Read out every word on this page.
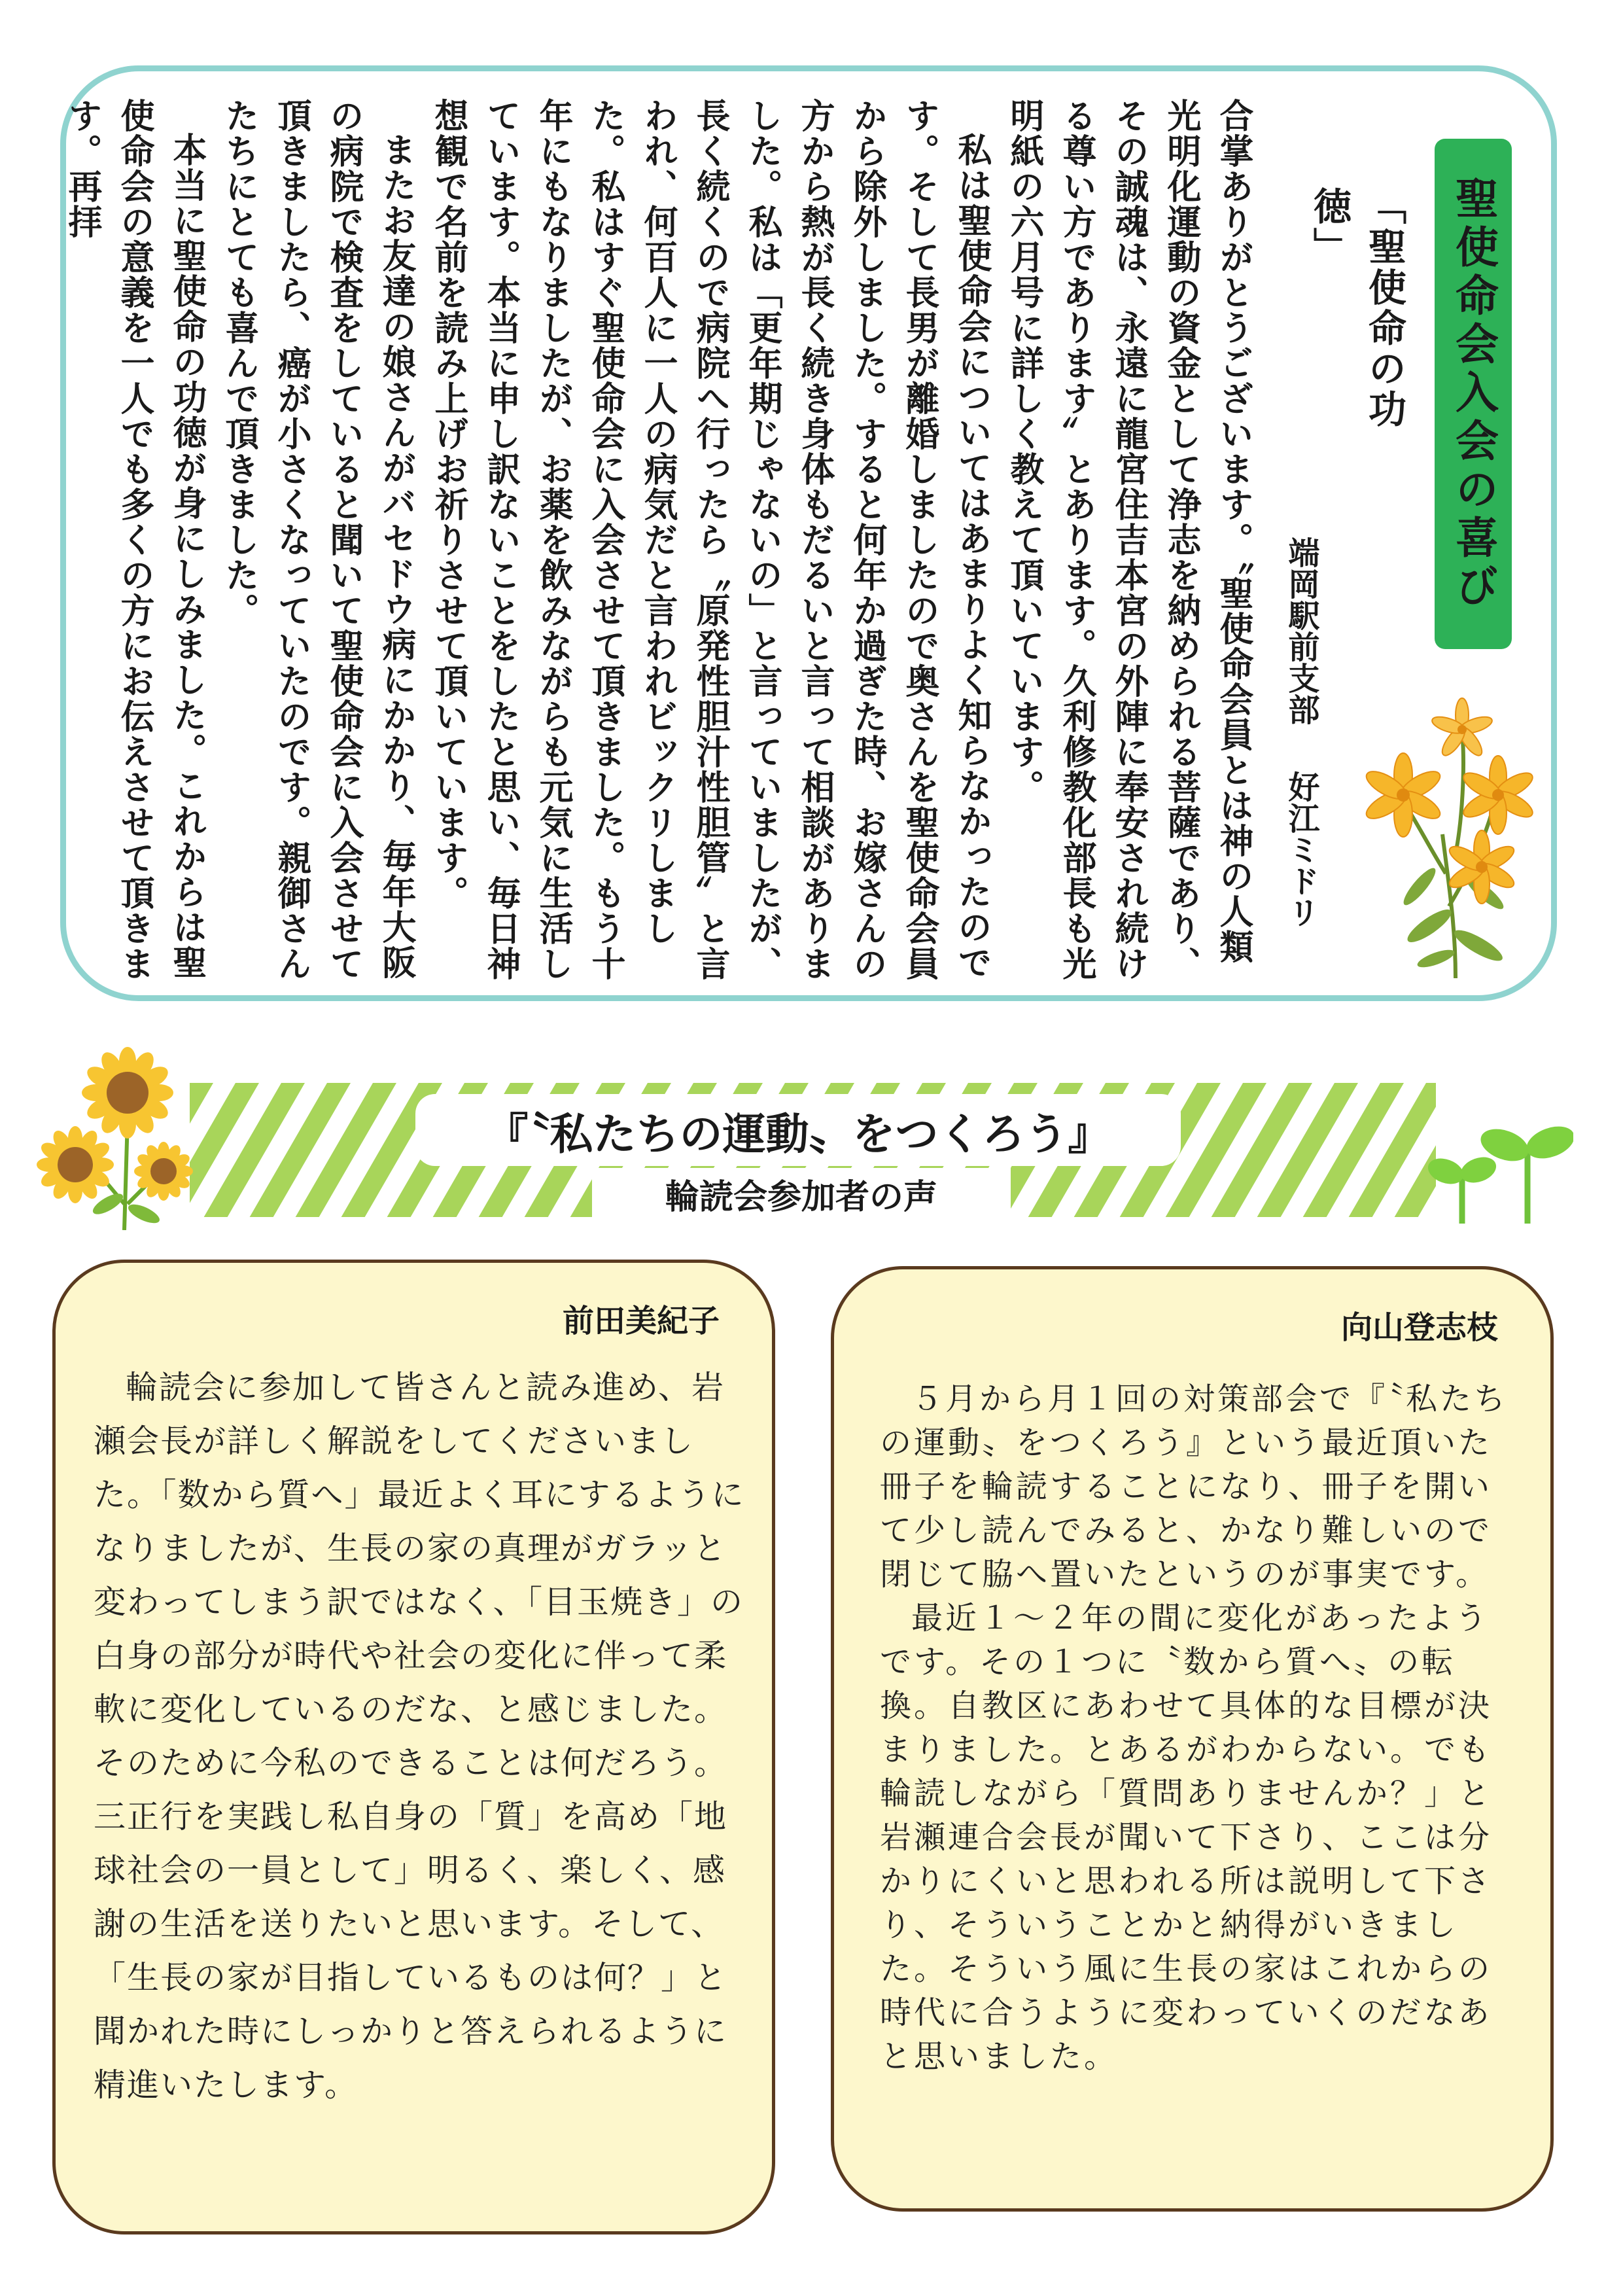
聖使命会入会の喜び
「聖使命の功徳」
端岡駅前支部好江ミドリ

合掌ありがとうございます。〝聖使命会員とは神の人類光明化運動の資金として浄志を納められる菩薩であり、その誠魂は、永遠に龍宮住吉本宮の外陣に奉安され続ける尊い方であります〟とあります。久利修教化部長も光明紙の六月号に詳しく教えて頂いています。

私は聖使命会についてはあまりよく知らなかったのです。そして長男が離婚しましたので奥さんを聖使命会員から除外しました。すると何年か過ぎた時、お嫁さんの方から熱が長く続き身体もだるいと言って相談がありました。私は「更年期じゃないの」と言っていましたが、長く続くので病院へ行ったら〝原発性胆汁性胆管〟と言われ、何百人に一人の病気だと言われビックリしました。私はすぐ聖使命会に入会させて頂きました。もう十年にもなりましたが、お薬を飲みながらも元気に生活しています。本当に申し訳ないことをしたと思い、毎日神想観で名前を読み上げお祈りさせて頂いています。

またお友達の娘さんがバセドウ病にかかり、毎年大阪の病院で検査をしていると聞いて聖使命会に入会させて頂きましたら、癌が小さくなっていたのです。親御さんたちにとても喜んで頂きました。

本当に聖使命の功徳が身にしみました。これからは聖使命会の意義を一人でも多くの方にお伝えさせて頂きます。再拝

『〝私たちの運動〟をつくろう』
輪読会参加者の声
前田美紀子

輪読会に参加して皆さんと読み進め、岩瀬会長が詳しく解説をしてくださいました。「数から質へ」最近よく耳にするようになりましたが、生長の家の真理がガラッと変わってしまう訳ではなく、「目玉焼き」の白身の部分が時代や社会の変化に伴って柔軟に変化しているのだな、と感じました。そのために今私のできることは何だろう。三正行を実践し私自身の「質」を高め「地球社会の一員として」明るく、楽しく、感謝の生活を送りたいと思います。そして、「生長の家が目指しているものは何？」と聞かれた時にしっかりと答えられるように精進いたします。

向山登志枝

５月から月１回の対策部会で『〝私たちの運動〟をつくろう』という最近頂いた冊子を輪読することになり、冊子を開いて少し読んでみると、かなり難しいので閉じて脇へ置いたというのが事実です。

最近１～２年の間に変化があったようです。その１つに〝数から質へ〟の転換。自教区にあわせて具体的な目標が決まりました。とあるがわからない。でも輪読しながら「質問ありませんか？」と岩瀬連合会長が聞いて下さり、ここは分かりにくいと思われる所は説明して下さり、そういうことかと納得がいきました。そういう風に生長の家はこれからの時代に合うように変わっていくのだなあと思いました。
